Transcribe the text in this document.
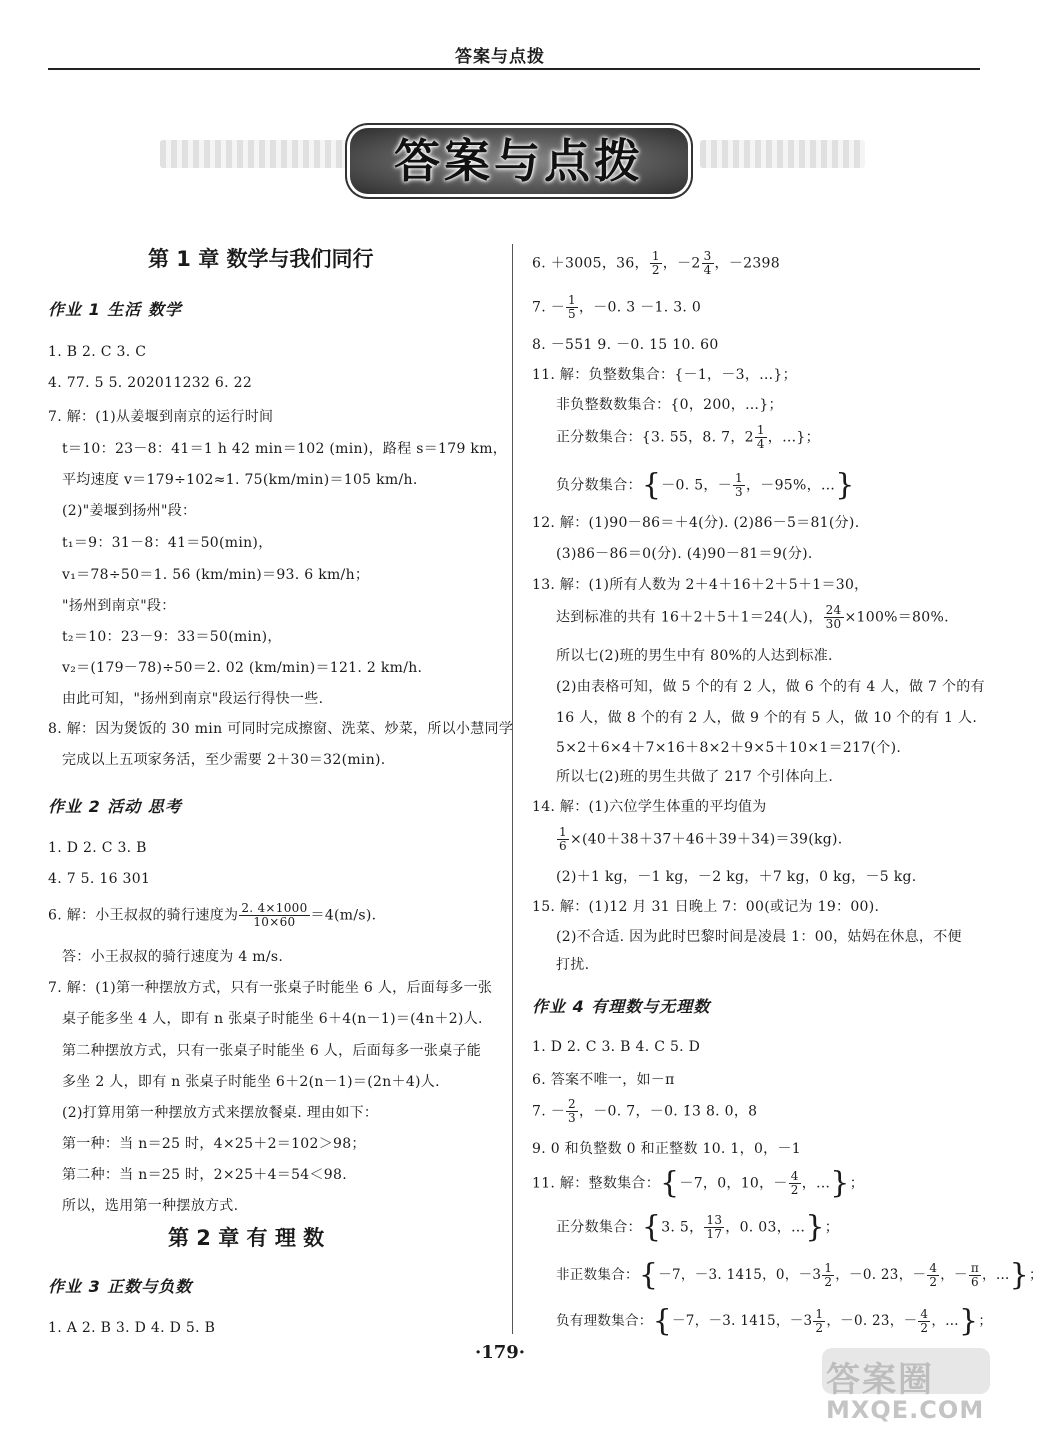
答案与点拨
答案与点拨
第 1 章 数学与我们同行
作业 1 生活 数学
1. B 2. C 3. C
4. 77. 5 5. 202011232 6. 22
7. 解：(1)从姜堰到南京的运行时间
t＝10：23－8：41＝1 h 42 min＝102 (min)，路程 s＝179 km，
平均速度 v＝179÷102≈1. 75(km/min)＝105 km/h.
(2)"姜堰到扬州"段：
t₁＝9：31－8：41＝50(min)，
v₁＝78÷50＝1. 56 (km/min)＝93. 6 km/h；
"扬州到南京"段：
t₂＝10：23－9：33＝50(min)，
v₂＝(179－78)÷50＝2. 02 (km/min)＝121. 2 km/h.
由此可知，"扬州到南京"段运行得快一些.
8. 解：因为煲饭的 30 min 可同时完成擦窗、洗菜、炒菜，所以小慧同学
完成以上五项家务活，至少需要 2＋30＝32(min).
作业 2 活动 思考
1. D 2. C 3. B
4. 7 5. 16 301
6. 解：小王叔叔的骑行速度为 $\frac{2. 4\times 1000}{10\times 60} =4(m/s)$.
答：小王叔叔的骑行速度为 4 m/s.
7. 解：(1)第一种摆放方式，只有一张桌子时能坐 6 人，后面每多一张
桌子能多坐 4 人，即有 n 张桌子时能坐 6＋4(n－1)＝(4n＋2)人.
第二种摆放方式，只有一张桌子时能坐 6 人，后面每多一张桌子能
多坐 2 人，即有 n 张桌子时能坐 6＋2(n－1)＝(2n＋4)人.
(2)打算用第一种摆放方式来摆放餐桌. 理由如下：
第一种：当 n＝25 时，4×25＋2＝102＞98；
第二种：当 n＝25 时，2×25＋4＝54＜98.
所以，选用第一种摆放方式.
第 2 章 有 理 数
作业 3 正数与负数
1. A 2. B 3. D 4. D 5. B
6. ＋3005，36， $\frac{1}{2}$ ，$-2 \frac{3}{4}$ ，－2398
7. － $\frac{1}{5}$ ，－0. 3 －1. 3. 0
8. －551 9. －0. 15 10. 60
11. 解：负整数集合：{－1，－3，…}；
非负整数数集合：{0，200，…}；
正分数集合：{3. 55，8. 7，$2 \frac{1}{4}$ ，…}；
负分数集合：{－0. 5，－ $\frac{1}{3}$ ，－95%，…}
12. 解：(1)90－86＝＋4(分). (2)86－5＝81(分).
(3)86－86＝0(分). (4)90－81＝9(分).
13. 解：(1)所有人数为 2＋4＋16＋2＋5＋1＝30，
达到标准的共有 16＋2＋5＋1＝24(人)， $\frac{24}{30} \times 100\%=80\%$.
所以七(2)班的男生中有 80%的人达到标准.
(2)由表格可知，做 5 个的有 2 人，做 6 个的有 4 人，做 7 个的有
16 人，做 8 个的有 2 人，做 9 个的有 5 人，做 10 个的有 1 人.
5×2＋6×4＋7×16＋8×2＋9×5＋10×1＝217(个).
所以七(2)班的男生共做了 217 个引体向上.
14. 解：(1)六位学生体重的平均值为
$\frac{1}{6} \times(40+38+37+46+39+34)=39(kg)$.
(2)＋1 kg，－1 kg，－2 kg，＋7 kg，0 kg，－5 kg.
15. 解：(1)12 月 31 日晚上 7：00(或记为 19：00).
(2)不合适. 因为此时巴黎时间是凌晨 1：00，姑妈在休息，不便
打扰.
作业 4 有理数与无理数
1. D 2. C 3. B 4. C 5. D
6. 答案不唯一，如－π
7. － $\frac{2}{3}$ ，－0. 7，－0. 1̇3̇ 8. 0，8
9. 0 和负整数 0 和正整数 10. 1，0，－1
11. 解：整数集合：{－7，0，10，－ $\frac{4}{2}$ ，…}；
正分数集合：{3. 5， $\frac{13}{17}$ ，0. 03，…}；
非正数集合：{－7，－3. 1415，0，$-3 \frac{1}{2}$ ，－0. 2̇3̇，－ $\frac{4}{2}$ ，－ $\frac{\pi}{6}$ ，…}；
负有理数集合：{－7，－3. 1415，$-3 \frac{1}{2}$ ，－0. 2̇3̇，－ $\frac{4}{2}$ ，…}；
·179·
答案圈
MXQE.COM
